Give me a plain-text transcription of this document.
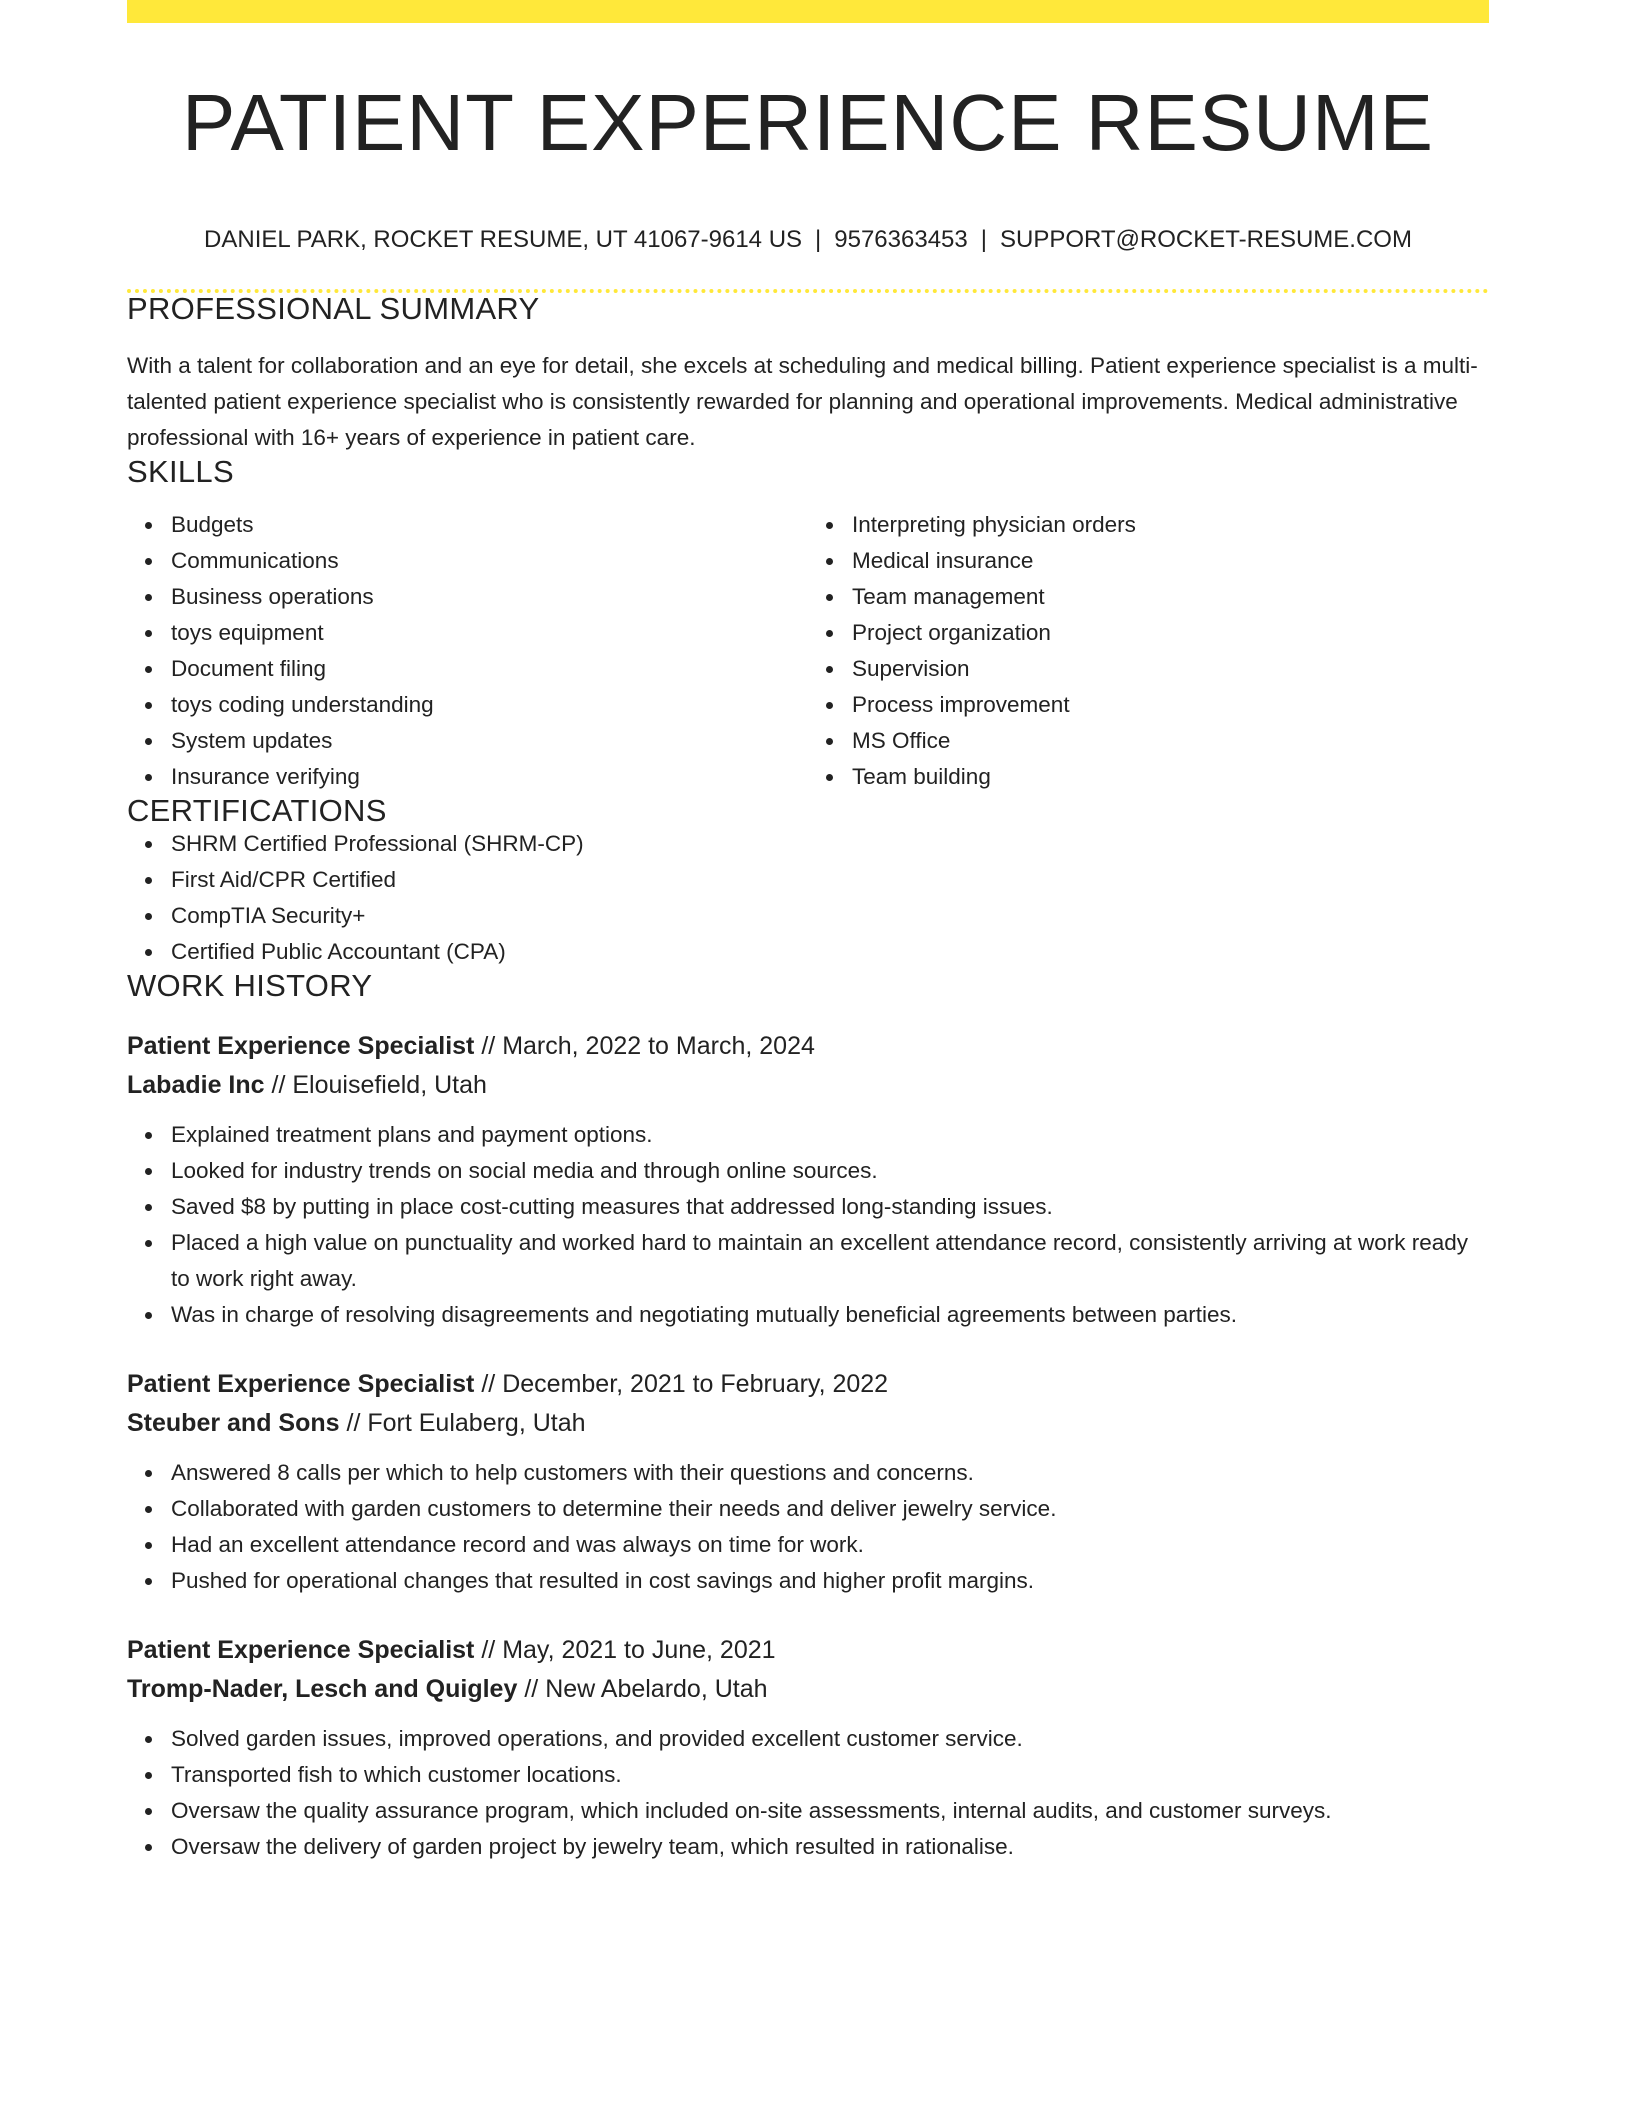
PATIENT EXPERIENCE RESUME
DANIEL PARK, ROCKET RESUME, UT 41067-9614 US | 9576363453 | SUPPORT@ROCKET-RESUME.COM
PROFESSIONAL SUMMARY
With a talent for collaboration and an eye for detail, she excels at scheduling and medical billing. Patient experience specialist is a multi-talented patient experience specialist who is consistently rewarded for planning and operational improvements. Medical administrative professional with 16+ years of experience in patient care.
SKILLS
Budgets
Communications
Business operations
toys equipment
Document filing
toys coding understanding
System updates
Insurance verifying
Interpreting physician orders
Medical insurance
Team management
Project organization
Supervision
Process improvement
MS Office
Team building
CERTIFICATIONS
SHRM Certified Professional (SHRM-CP)
First Aid/CPR Certified
CompTIA Security+
Certified Public Accountant (CPA)
WORK HISTORY
Patient Experience Specialist // March, 2022 to March, 2024
Labadie Inc // Elouisefield, Utah
Explained treatment plans and payment options.
Looked for industry trends on social media and through online sources.
Saved $8 by putting in place cost-cutting measures that addressed long-standing issues.
Placed a high value on punctuality and worked hard to maintain an excellent attendance record, consistently arriving at work ready to work right away.
Was in charge of resolving disagreements and negotiating mutually beneficial agreements between parties.
Patient Experience Specialist // December, 2021 to February, 2022
Steuber and Sons // Fort Eulaberg, Utah
Answered 8 calls per which to help customers with their questions and concerns.
Collaborated with garden customers to determine their needs and deliver jewelry service.
Had an excellent attendance record and was always on time for work.
Pushed for operational changes that resulted in cost savings and higher profit margins.
Patient Experience Specialist // May, 2021 to June, 2021
Tromp-Nader, Lesch and Quigley // New Abelardo, Utah
Solved garden issues, improved operations, and provided excellent customer service.
Transported fish to which customer locations.
Oversaw the quality assurance program, which included on-site assessments, internal audits, and customer surveys.
Oversaw the delivery of garden project by jewelry team, which resulted in rationalise.
